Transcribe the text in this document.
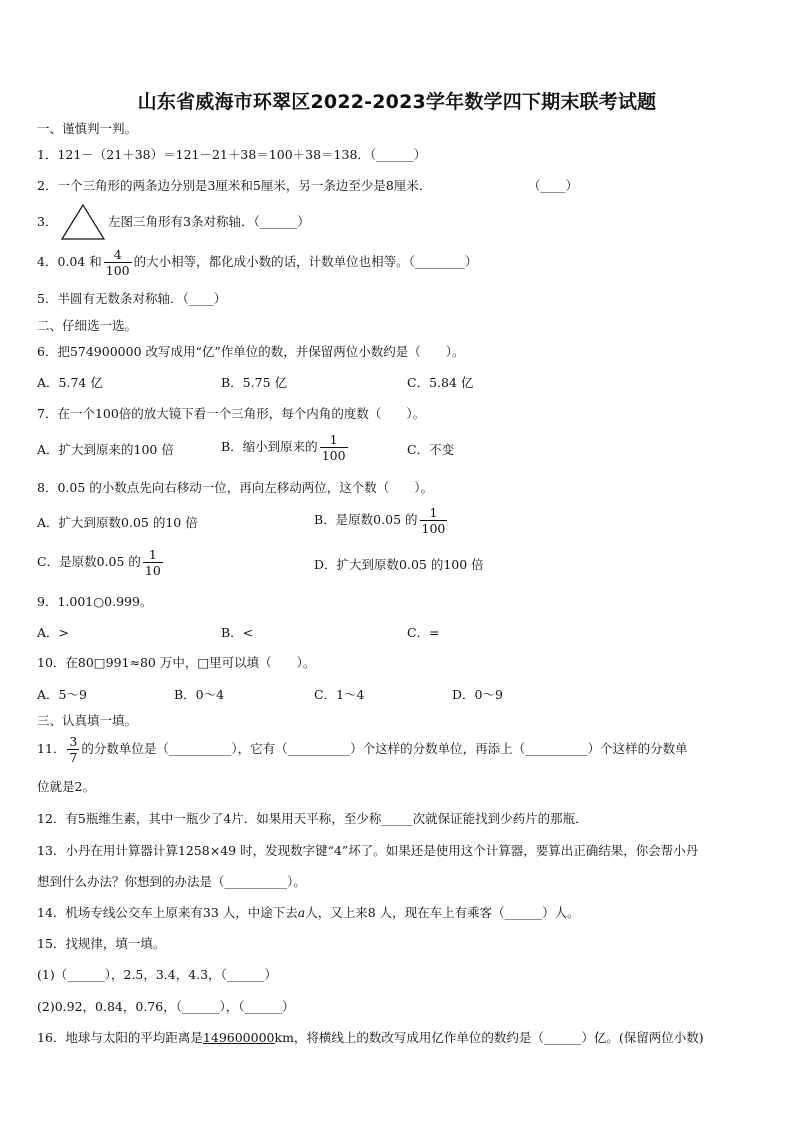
山东省威海市环翠区2022-2023学年数学四下期末联考试题
一、谨慎判一判。
1．121－（21＋38）＝121－21＋38＝100＋38＝138．（______）
2．一个三角形的两条边分别是3厘米和5厘米，另一条边至少是8厘米．	（____）
3．	左图三角形有3条对称轴．（______）
4．0.04 和 $\frac{4}{100}$ 的大小相等，都化成小数的话，计数单位也相等。（________）
5．半圆有无数条对称轴．（____）
二、仔细选一选。
6．把574900000 改写成用“亿”作单位的数，并保留两位小数约是（　　）。
A．5.74 亿	B．5.75 亿	C．5.84 亿
7．在一个100倍的放大镜下看一个三角形，每个内角的度数（　　）。
A．扩大到原来的100 倍	B．缩小到原来的 $\frac{1}{100}$	C．不变
8．0.05 的小数点先向右移动一位，再向左移动两位，这个数（　　）。
A．扩大到原数0.05 的10 倍	B．是原数0.05 的 $\frac{1}{100}$
C．是原数0.05 的 $\frac{1}{10}$	D．扩大到原数0.05 的100 倍
9．1.001○0.999。
A．>	B．<	C．=
10．在80□991≈80 万中，□里可以填（　　）。
A．5～9	B．0～4	C．1～4	D．0～9
三、认真填一填。
11． $\frac{3}{7}$ 的分数单位是（__________），它有（__________）个这样的分数单位，再添上（__________）个这样的分数单
位就是2。
12．有5瓶维生素，其中一瓶少了4片．如果用天平称，至少称_____次就保证能找到少药片的那瓶．
13．小丹在用计算器计算1258×49 时，发现数字键“4”坏了。如果还是使用这个计算器，要算出正确结果，你会帮小丹
想到什么办法？你想到的办法是（__________）。
14．机场专线公交车上原来有33 人，中途下去𝑎人，又上来8 人，现在车上有乘客（______）人。
15．找规律，填一填。
(1)（______），2.5，3.4，4.3，（______）
(2)0.92，0.84，0.76，（______），（______）
16．地球与太阳的平均距离是149600000km，将横线上的数改写成用亿作单位的数约是（______）亿。(保留两位小数)
